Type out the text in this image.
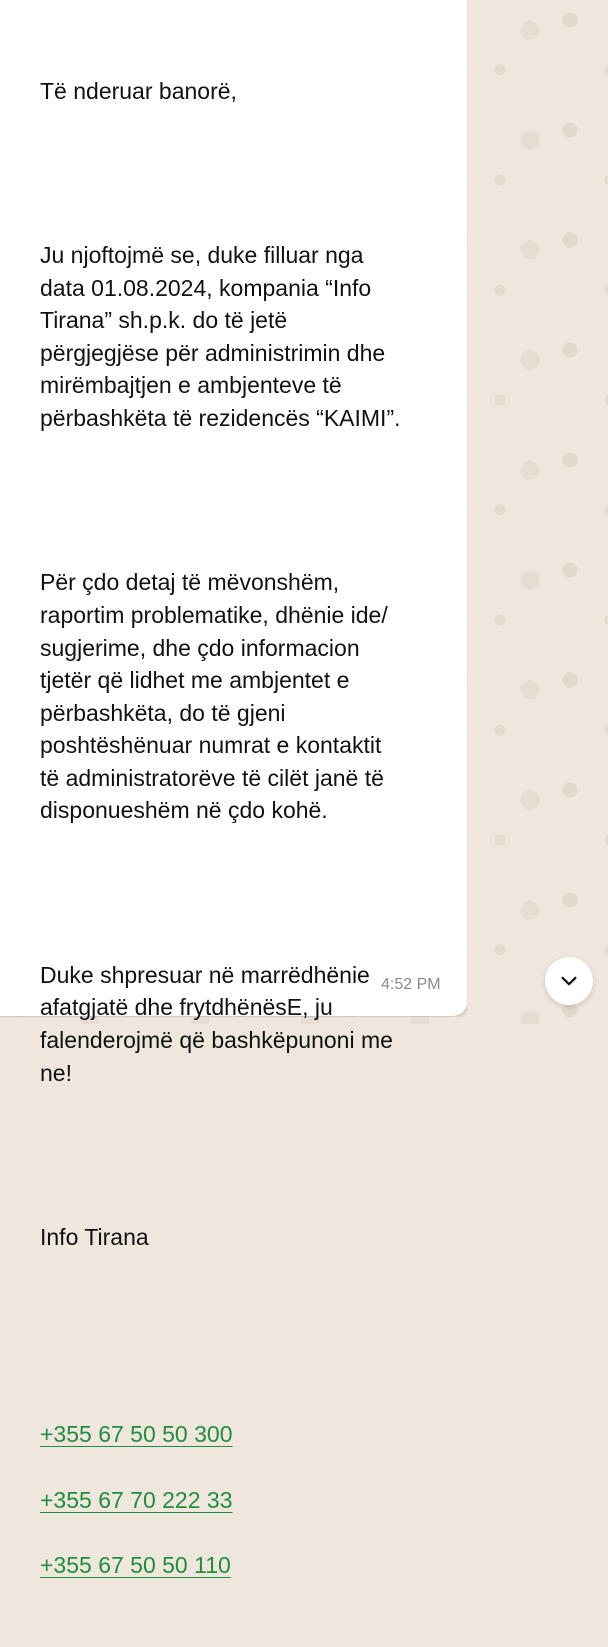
Të nderuar banorë,

Ju njoftojmë se, duke filluar nga
data 01.08.2024, kompania “Info
Tirana” sh.p.k. do të jetë
përgjegjëse për administrimin dhe
mirëmbajtjen e ambjenteve të
përbashkëta të rezidencës “KAIMI”.

Për çdo detaj të mëvonshëm,
raportim problematike, dhënie ide/
sugjerime, dhe çdo informacion
tjetër që lidhet me ambjentet e
përbashkëta, do të gjeni
poshtëshënuar numrat e kontaktit
të administratorëve të cilët janë të
disponueshëm në çdo kohë.

Duke shpresuar në marrëdhënie
afatgjatë dhe frytdhënësE, ju
falenderojmë që bashkëpunoni me
ne!

Info Tirana

+355 67 50 50 300

+355 67 70 222 33

+355 67 50 50 110

4:52 PM
